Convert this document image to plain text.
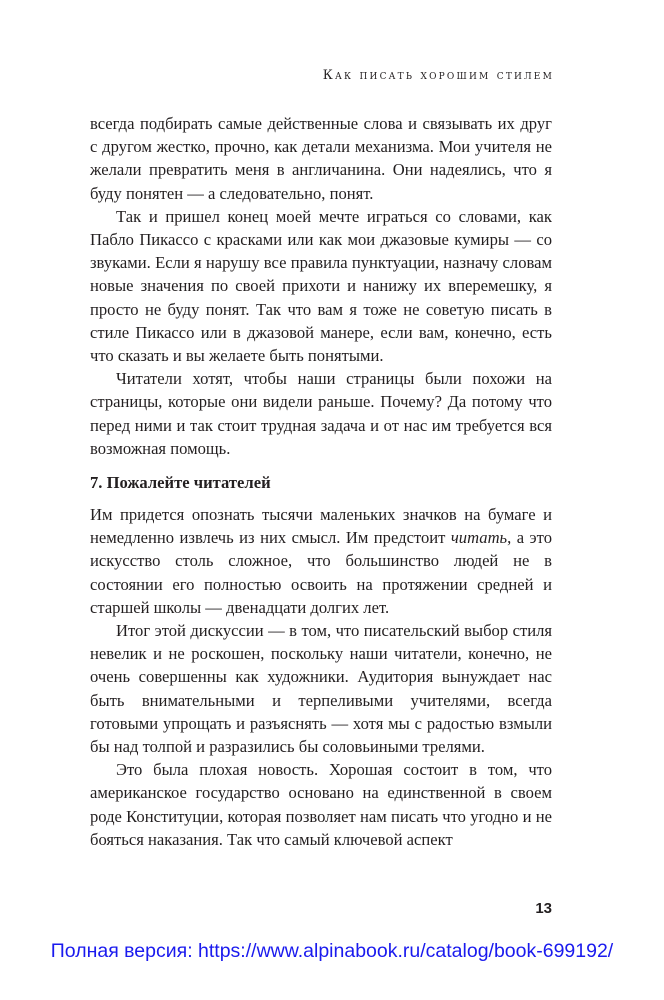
Как писать хорошим стилем

всегда подбирать самые действенные слова и связывать их друг с другом жестко, прочно, как детали механизма. Мои учителя не желали превратить меня в англичанина. Они надеялись, что я буду понятен — а следовательно, понят.

Так и пришел конец моей мечте играться со словами, как Пабло Пикассо с красками или как мои джазовые кумиры — со звуками. Если я нарушу все правила пунктуации, назначу словам новые значения по своей прихоти и нанижу их вперемешку, я просто не буду понят. Так что вам я тоже не советую писать в стиле Пикассо или в джазовой манере, если вам, конечно, есть что сказать и вы желаете быть понятыми.

Читатели хотят, чтобы наши страницы были похожи на страницы, которые они видели раньше. Почему? Да потому что перед ними и так стоит трудная задача и от нас им требуется вся возможная помощь.

7. Пожалейте читателей

Им придется опознать тысячи маленьких значков на бумаге и немедленно извлечь из них смысл. Им предстоит читать, а это искусство столь сложное, что большинство людей не в состоянии его полностью освоить на протяжении средней и старшей школы — двенадцати долгих лет.

Итог этой дискуссии — в том, что писательский выбор стиля невелик и не роскошен, поскольку наши читатели, конечно, не очень совершенны как художники. Аудитория вынуждает нас быть внимательными и терпеливыми учителями, всегда готовыми упрощать и разъяснять — хотя мы с радостью взмыли бы над толпой и разразились бы соловьиными трелями.

Это была плохая новость. Хорошая состоит в том, что американское государство основано на единственной в своем роде Конституции, которая позволяет нам писать что угодно и не бояться наказания. Так что самый ключевой аспект

13
Полная версия: https://www.alpinabook.ru/catalog/book-699192/
